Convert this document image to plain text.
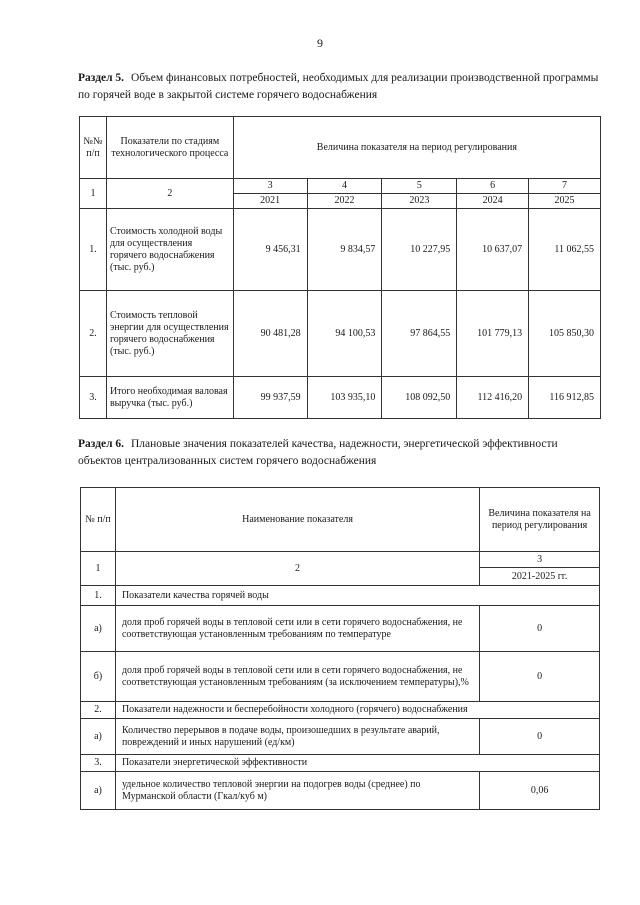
9
Раздел 5. Объем финансовых потребностей, необходимых для реализации производственной программы по горячей воде в закрытой системе горячего водоснабжения
№№ п/п	Показатели по стадиям технологического процесса	Величина показателя на период регулирования				
1	2	3	4	5	6	7
		2021	2022	2023	2024	2025
1.	Стоимость холодной воды для осуществления горячего водоснабжения (тыс. руб.)	9 456,31	9 834,57	10 227,95	10 637,07	11 062,55
2.	Стоимость тепловой энергии для осуществления горячего водоснабжения (тыс. руб.)	90 481,28	94 100,53	97 864,55	101 779,13	105 850,30
3.	Итого необходимая валовая выручка (тыс. руб.)	99 937,59	103 935,10	108 092,50	112 416,20	116 912,85
Раздел 6. Плановые значения показателей качества, надежности, энергетической эффективности объектов централизованных систем горячего водоснабжения
№ п/п	Наименование показателя	Величина показателя на период регулирования
1	2	3
		2021-2025 гг.
1.	Показатели качества горячей воды	
а)	доля проб горячей воды в тепловой сети или в сети горячего водоснабжения, не соответствующая установленным требованиям по температуре	0
б)	доля проб горячей воды в тепловой сети или в сети горячего водоснабжения, не соответствующая установленным требованиям (за исключением температуры),%	0
2.	Показатели надежности и бесперебойности холодного (горячего) водоснабжения	
а)	Количество перерывов в подаче воды, произошедших в результате аварий, повреждений и иных нарушений (ед/км)	0
3.	Показатели энергетической эффективности	
а)	удельное количество тепловой энергии на подогрев воды (среднее) по Мурманской области (Гкал/куб м)	0,06
